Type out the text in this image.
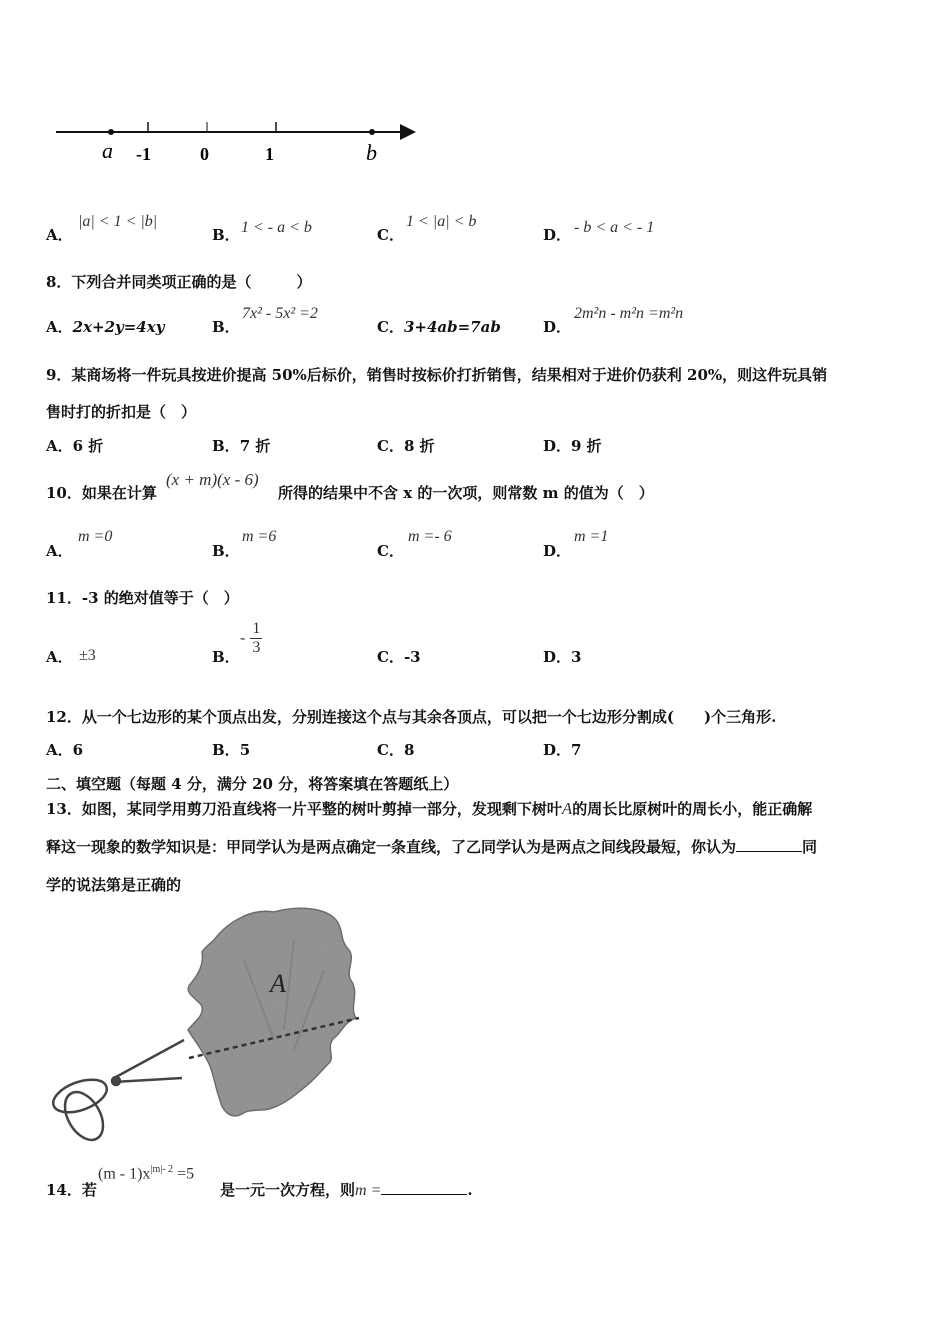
a -1	0	1	b
A．
|a| < 1 < |b|
B． 1 < - a < b	C．
1 < |a| < b
D． - b < a < - 1
8．下列合并同类项正确的是（　　　）
A．2x+2y=4xy	B．
7x² - 5x² =2
C．3+4ab=7ab	D．
2m²n - m²n =m²n
9．某商场将一件玩具按进价提高 50%后标价，销售时按标价打折销售，结果相对于进价仍获利 20%，则这件玩具销
售时打的折扣是（　）
A．6 折	B．7 折	C．8 折	D．9 折
10．如果在计算
(x + m)(x - 6)
所得的结果中不含 x 的一次项，则常数 m 的值为（　）
A．
m =0
B．
m =6
C．
m =- 6
D．
m =1
11．-3 的绝对值等于（　）
A． ±3	B．
- $\frac{1}{3}$	C．-3	D．3
12．从一个七边形的某个顶点出发，分别连接这个点与其余各顶点，可以把一个七边形分割成(　　)个三角形.
A．6	B．5	C．8	D．7
二、填空题（每题 4 分，满分 20 分，将答案填在答题纸上）
13．如图，某同学用剪刀沿直线将一片平整的树叶剪掉一部分，发现剩下树叶A的周长比原树叶的周长小，能正确解
释这一现象的数学知识是：甲同学认为是两点确定一条直线，了乙同学认为是两点之间线段最短，你认为	同
学的说法第是正确的
A
14．若
$(m - 1)x^{|m|- 2} =5$
是一元一次方程，则m =	.
